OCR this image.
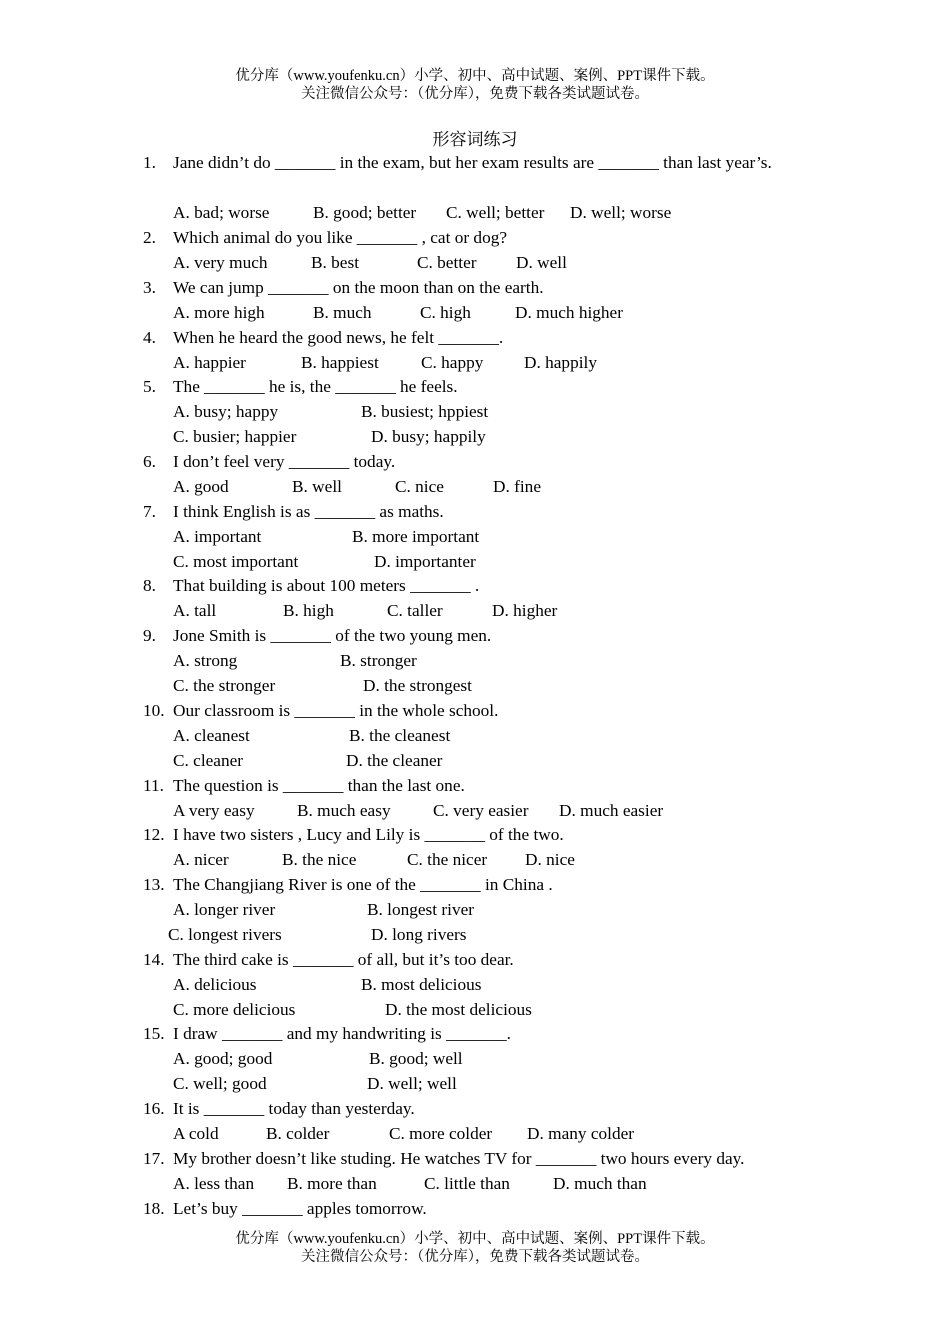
优分库（www.youfenku.cn）小学、初中、高中试题、案例、PPT课件下载。
关注微信公众号：（优分库），免费下载各类试题试卷。
形容词练习
1. Jane didn’t do _______ in the exam, but her exam results are _______ than last year’s.
A. bad; worse	B. good; better C. well; better D. well; worse
2. Which animal do you like _______ , cat or dog?
A. very much	B. best	C. better D. well
3. We can jump _______ on the moon than on the earth.
A. more high	B. much	C. high	D. much higher
4. When he heard the good news, he felt _______.
A. happier	B. happiest C. happy D. happily
5. The _______ he is, the _______ he feels.
A. busy; happy	B. busiest; hppiest
C. busier; happier	D. busy; happily
6. I don’t feel very _______ today.
A. good	B. well	C. nice	D. fine
7. I think English is as _______ as maths.
A. important	B. more important
C. most important	D. importanter
8. That building is about 100 meters _______ .
A. tall	B. high	C. taller	D. higher
9. Jone Smith is _______ of the two young men.
A. strong	B. stronger
C. the stronger	D. the strongest
10. Our classroom is _______ in the whole school.
A. cleanest	B. the cleanest
C. cleaner	D. the cleaner
11. The question is _______ than the last one.
A very easy B. much easy C. very easier D. much easier
12. I have two sisters , Lucy and Lily is _______ of the two.
A. nicer	B. the nice	C. the nicer D. nice
13. The Changjiang River is one of the _______ in China .
A. longer river	B. longest river
C. longest rivers	D. long rivers
14. The third cake is _______ of all, but it’s too dear.
A. delicious	B. most delicious
C. more delicious	D. the most delicious
15. I draw _______ and my handwriting is _______.
A. good; good	B. good; well
C. well; good	D. well; well
16. It is _______ today than yesterday.
A cold	B. colder	C. more colder D. many colder
17. My brother doesn’t like studing. He watches TV for _______ two hours every day.
A. less than B. more than	C. little than D. much than
18. Let’s buy _______ apples tomorrow.
优分库（www.youfenku.cn）小学、初中、高中试题、案例、PPT课件下载。
关注微信公众号：（优分库），免费下载各类试题试卷。
